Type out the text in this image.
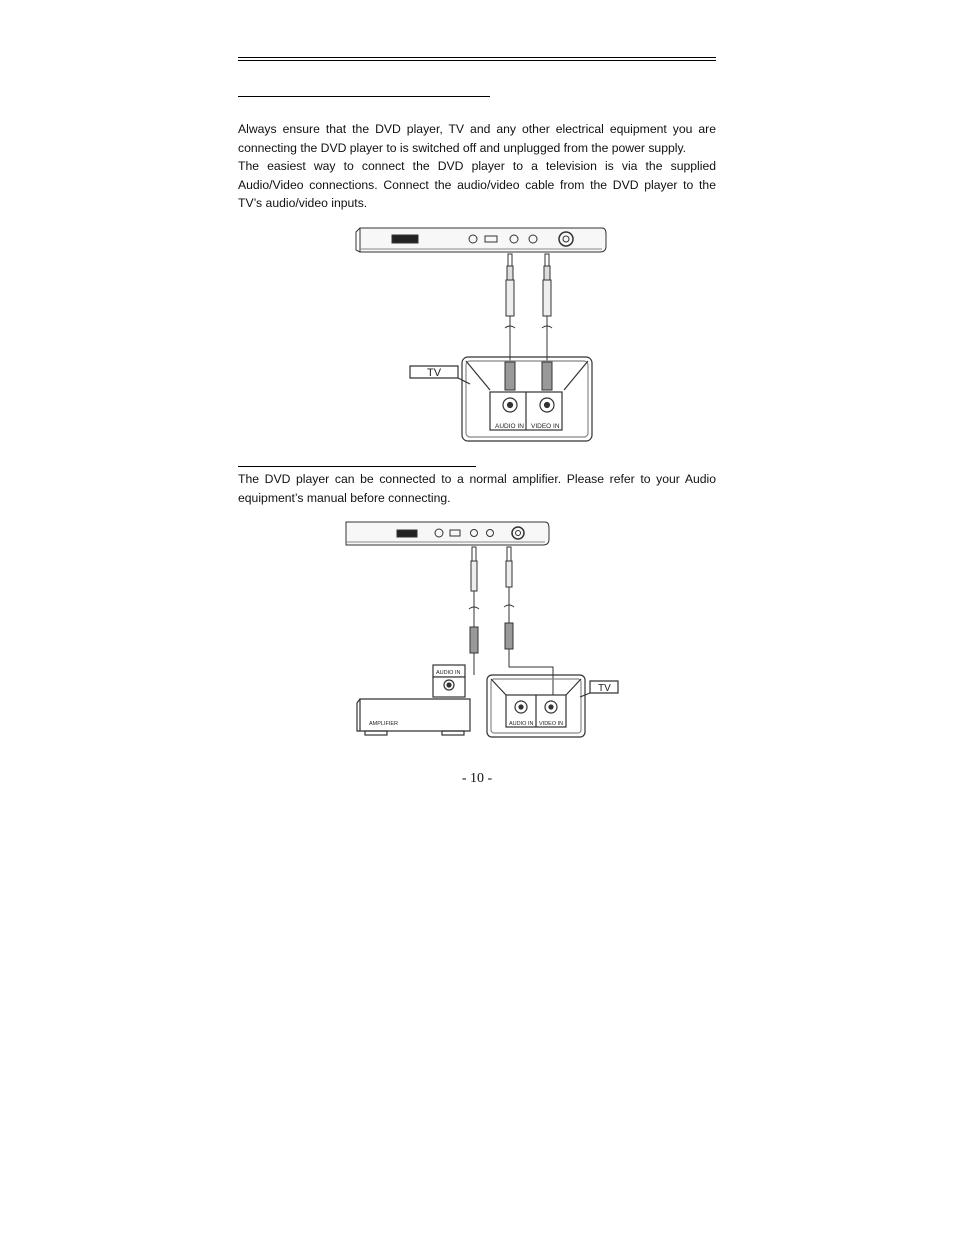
Always ensure that the DVD player, TV and any other electrical equipment you are connecting the DVD player to is switched off and unplugged from the power supply.

The easiest way to connect the DVD player to a television is via the supplied Audio/Video connections. Connect the audio/video cable from the DVD player to the TV’s audio/video inputs.

TV
AUDIO IN VIDEO IN

The DVD player can be connected to a normal amplifier. Please refer to your Audio equipment’s manual before connecting.

AUDIO IN
AMPLIFIER
TV
AUDIO IN VIDEO IN
- 10 -
